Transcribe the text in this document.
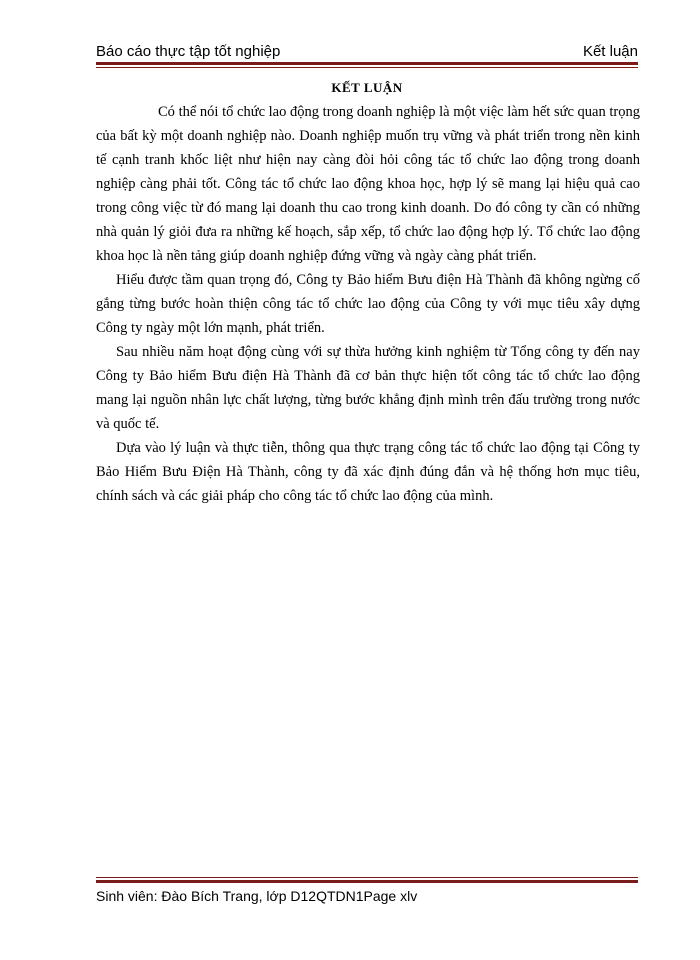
Báo cáo thực tập tốt nghiệp	Kết luận
KẾT LUẬN

Có thể nói tổ chức lao động trong doanh nghiệp là một việc làm hết sức quan trọng của bất kỳ một doanh nghiệp nào. Doanh nghiệp muốn trụ vững và phát triển trong nền kinh tế cạnh tranh khốc liệt như hiện nay càng đòi hỏi công tác tổ chức lao động trong doanh nghiệp càng phải tốt. Công tác tổ chức lao động khoa học, hợp lý sẽ mang lại hiệu quả cao trong công việc từ đó mang lại doanh thu cao trong kinh doanh. Do đó công ty cần có những nhà quản lý giỏi đưa ra những kế hoạch, sắp xếp, tổ chức lao động hợp lý. Tổ chức lao động khoa học là nền tảng giúp doanh nghiệp đứng vững và ngày càng phát triển.

Hiểu được tầm quan trọng đó, Công ty Bảo hiểm Bưu điện Hà Thành đã không ngừng cố gắng từng bước hoàn thiện công tác tổ chức lao động của Công ty với mục tiêu xây dựng Công ty ngày một lớn mạnh, phát triển.

Sau nhiều năm hoạt động cùng với sự thừa hưởng kinh nghiệm từ Tổng công ty đến nay Công ty Bảo hiểm Bưu điện Hà Thành đã cơ bản thực hiện tốt công tác tổ chức lao động mang lại nguồn nhân lực chất lượng, từng bước khẳng định mình trên đấu trường trong nước và quốc tế.

Dựa vào lý luận và thực tiễn, thông qua thực trạng công tác tổ chức lao động tại Công ty Bảo Hiểm Bưu Điện Hà Thành, công ty đã xác định đúng đắn và hệ thống hơn mục tiêu, chính sách và các giải pháp cho công tác tổ chức lao động của mình.

Sinh viên: Đào Bích Trang, lớp D12QTDN1Page xlv
